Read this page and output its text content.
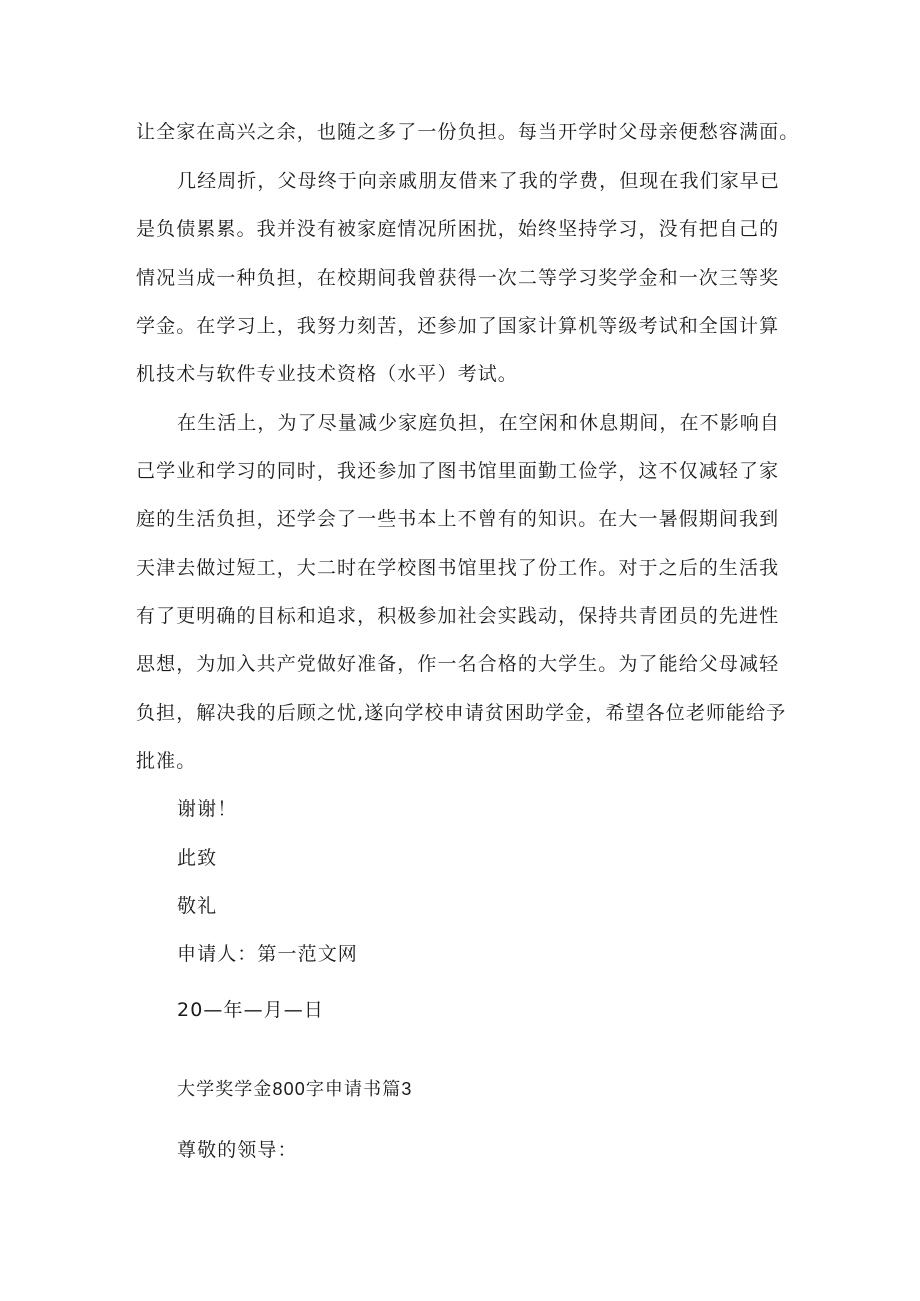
让全家在高兴之余，也随之多了一份负担。每当开学时父母亲便愁容满面。
几经周折，父母终于向亲戚朋友借来了我的学费，但现在我们家早已
是负债累累。我并没有被家庭情况所困扰，始终坚持学习，没有把自己的
情况当成一种负担，在校期间我曾获得一次二等学习奖学金和一次三等奖
学金。在学习上，我努力刻苦，还参加了国家计算机等级考试和全国计算
机技术与软件专业技术资格（水平）考试。
在生活上，为了尽量减少家庭负担，在空闲和休息期间，在不影响自
己学业和学习的同时，我还参加了图书馆里面勤工俭学，这不仅减轻了家
庭的生活负担，还学会了一些书本上不曾有的知识。在大一暑假期间我到
天津去做过短工，大二时在学校图书馆里找了份工作。对于之后的生活我
有了更明确的目标和追求，积极参加社会实践动，保持共青团员的先进性
思想，为加入共产党做好准备，作一名合格的大学生。为了能给父母减轻
负担，解决我的后顾之忧,遂向学校申请贫困助学金，希望各位老师能给予
批准。
谢谢！
此致
敬礼
申请人：第一范文网
20—年—月—日
大学奖学金800字申请书篇3
尊敬的领导：
